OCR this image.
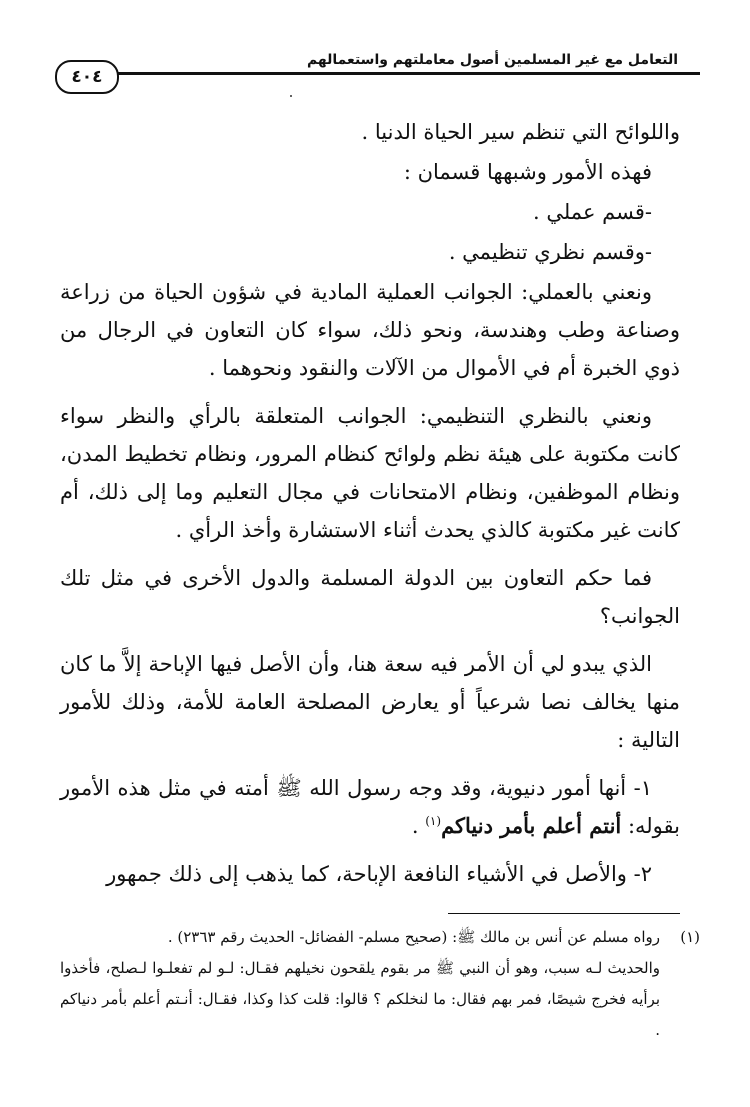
التعامل مع غير المسلمين أصول معاملتهم واستعمالهم
٤٠٤

واللوائح التي تنظم سير الحياة الدنيا .

فهذه الأمور وشبهها قسمان :

-قسم عملي .

-وقسم نظري تنظيمي .

ونعني بالعملي: الجوانب العملية المادية في شؤون الحياة من زراعة وصناعة وطب وهندسة، ونحو ذلك، سواء كان التعاون في الرجال من ذوي الخبرة أم في الأموال من الآلات والنقود ونحوهما .

ونعني بالنظري التنظيمي: الجوانب المتعلقة بالرأي والنظر سواء كانت مكتوبة على هيئة نظم ولوائح كنظام المرور، ونظام تخطيط المدن، ونظام الموظفين، ونظام الامتحانات في مجال التعليم وما إلى ذلك، أم كانت غير مكتوبة كالذي يحدث أثناء الاستشارة وأخذ الرأي .

فما حكم التعاون بين الدولة المسلمة والدول الأخرى في مثل تلك الجوانب؟

الذي يبدو لي أن الأمر فيه سعة هنا، وأن الأصل فيها الإباحة إلاَّ ما كان منها يخالف نصا شرعياً أو يعارض المصلحة العامة للأمة، وذلك للأمور التالية :

١- أنها أمور دنيوية، وقد وجه رسول الله ﷺ أمته في مثل هذه الأمور بقوله: أنتم أعلم بأمر دنياكم$^{(١)}$ .

٢- والأصل في الأشياء النافعة الإباحة، كما يذهب إلى ذلك جمهور

(١)رواه مسلم عن أنس بن مالك ﷺ: (صحيح مسلم- الفضائل- الحديث رقم ٢٣٦٣) .

والحديث لـه سبب، وهو أن النبي ﷺ مر بقوم يلقحون نخيلهم فقـال: لـو لم تفعلـوا لـصلح، فأخذوا برأيه فخرج شيصًا، فمر بهم فقال: ما لنخلكم ؟ قالوا: قلت كذا وكذا، فقـال: أنـتم أعلم بأمر دنياكم .
